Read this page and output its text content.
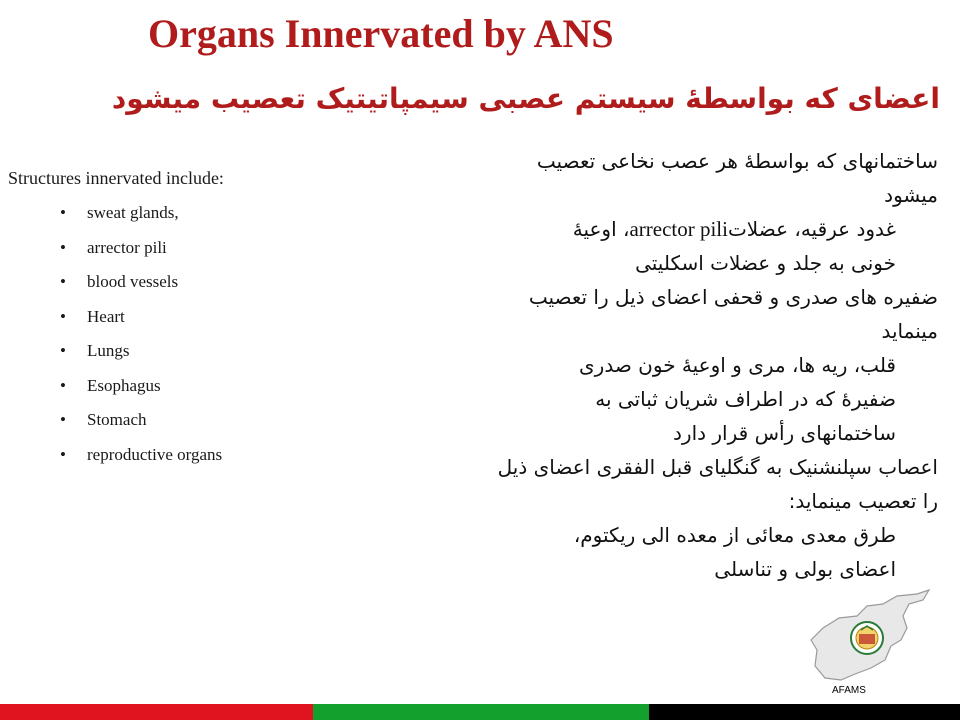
Organs Innervated by ANS
اعضای که بواسطهٔ سیستم عصبی سیمپاتیتیک تعصیب میشود

Structures innervated include:

• sweat glands,
• arrector pili
• blood vessels
• Heart
• Lungs
• Esophagus
• Stomach
• reproductive organs
ساختمانهای که بواسطهٔ هر عصب نخاعی تعصیب
میشود
غدود عرقیه، عضلاتarrector pili، اوعیهٔ
خونی به جلد و عضلات اسکلیتی
ضفیره های صدری و قحفی اعضای ذیل را تعصیب
مینماید
قلب، ریه ها، مری و اوعیهٔ خون صدری
ضفیرهٔ که در اطراف شریان ثباتی به
ساختمانهای رأس قرار دارد
اعصاب سپلنشنیک به گنگلیای قبل الفقری اعضای ذیل
را تعصیب مینماید:
طرق معدی معائی از معده الی ریکتوم،
اعضای بولی و تناسلی
AFAMS
